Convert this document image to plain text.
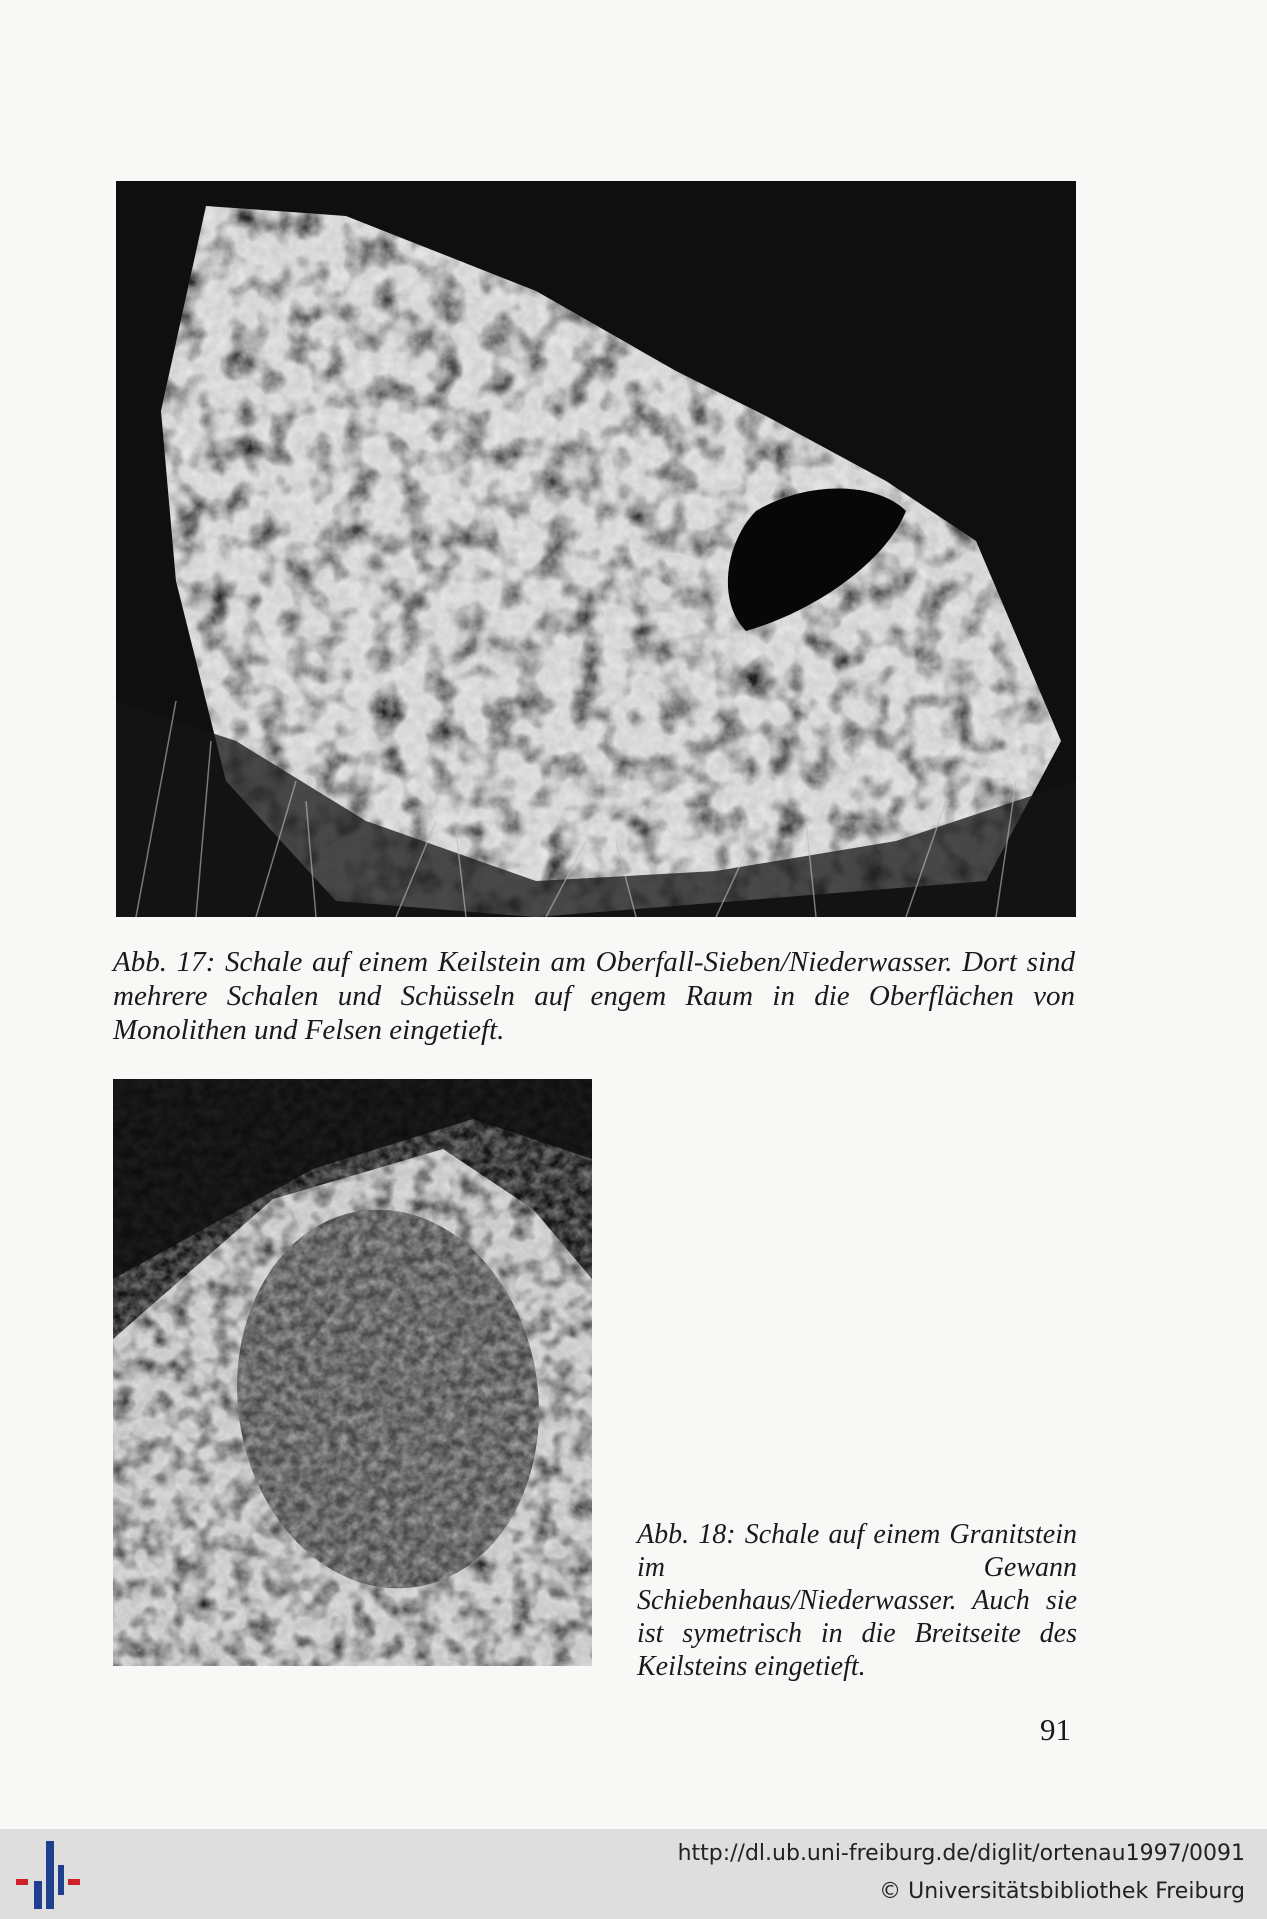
Abb. 17: Schale auf einem Keilstein am Oberfall-Sieben/Niederwasser. Dort sind mehrere Schalen und Schüsseln auf engem Raum in die Oberflächen von Monolithen und Felsen eingetieft.

Abb. 18: Schale auf einem Granitstein im Gewann Schiebenhaus/Niederwasser. Auch sie ist symetrisch in die Breitseite des Keilsteins eingetieft.

91
http://dl.ub.uni-freiburg.de/diglit/ortenau1997/0091
© Universitätsbibliothek Freiburg
